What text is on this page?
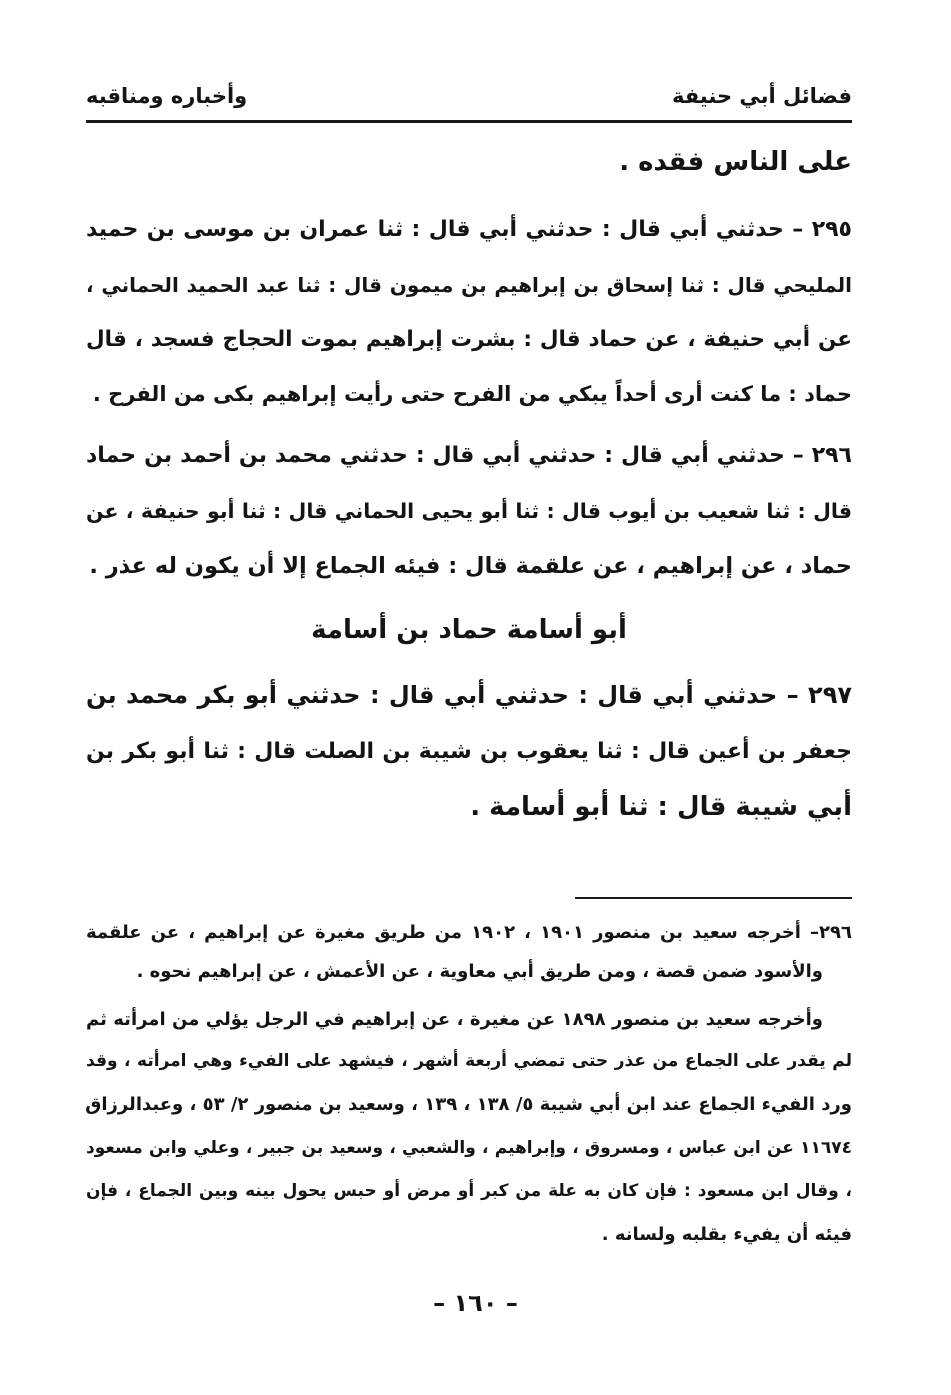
فضائل أبي حنيفة
وأخباره ومناقبه
على الناس فقده .
٢٩٥ – حدثني أبي قال : حدثني أبي قال : ثنا عمران بن موسى بن حميد
المليحي قال : ثنا إسحاق بن إبراهيم بن ميمون قال : ثنا عبد الحميد الحماني ،
عن أبي حنيفة ، عن حماد قال : بشرت إبراهيم بموت الحجاج فسجد ، قال
حماد : ما كنت أرى أحداً يبكي من الفرح حتى رأيت إبراهيم بكى من الفرح .
٢٩٦ – حدثني أبي قال : حدثني أبي قال : حدثني محمد بن أحمد بن حماد
قال : ثنا شعيب بن أيوب قال : ثنا أبو يحيى الحماني قال : ثنا أبو حنيفة ، عن
حماد ، عن إبراهيم ، عن علقمة قال : فيئه الجماع إلا أن يكون له عذر .
أبو أسامة حماد بن أسامة
٢٩٧ – حدثني أبي قال : حدثني أبي قال : حدثني أبو بكر محمد بن
جعفر بن أعين قال : ثنا يعقوب بن شيبة بن الصلت قال : ثنا أبو بكر بن
أبي شيبة قال : ثنا أبو أسامة .
٢٩٦– أخرجه سعيد بن منصور ١٩٠١ ، ١٩٠٢ من طريق مغيرة عن إبراهيم ، عن علقمة
والأسود ضمن قصة ، ومن طريق أبي معاوية ، عن الأعمش ، عن إبراهيم نحوه .
وأخرجه سعيد بن منصور ١٨٩٨ عن مغيرة ، عن إبراهيم في الرجل يؤلي من امرأته ثم
لم يقدر على الجماع من عذر حتى تمضي أربعة أشهر ، فيشهد على الفيء وهي امرأته ، وقد
ورد الفيء الجماع عند ابن أبي شيبة ٥/ ١٣٨ ، ١٣٩ ، وسعيد بن منصور ٢/ ٥٣ ، وعبدالرزاق
١١٦٧٤ عن ابن عباس ، ومسروق ، وإبراهيم ، والشعبي ، وسعيد بن جبير ، وعلي وابن مسعود
، وقال ابن مسعود : فإن كان به علة من كبر أو مرض أو حبس يحول بينه وبين الجماع ، فإن
فيئه أن يفيء بقلبه ولسانه .
– ١٦٠ –
